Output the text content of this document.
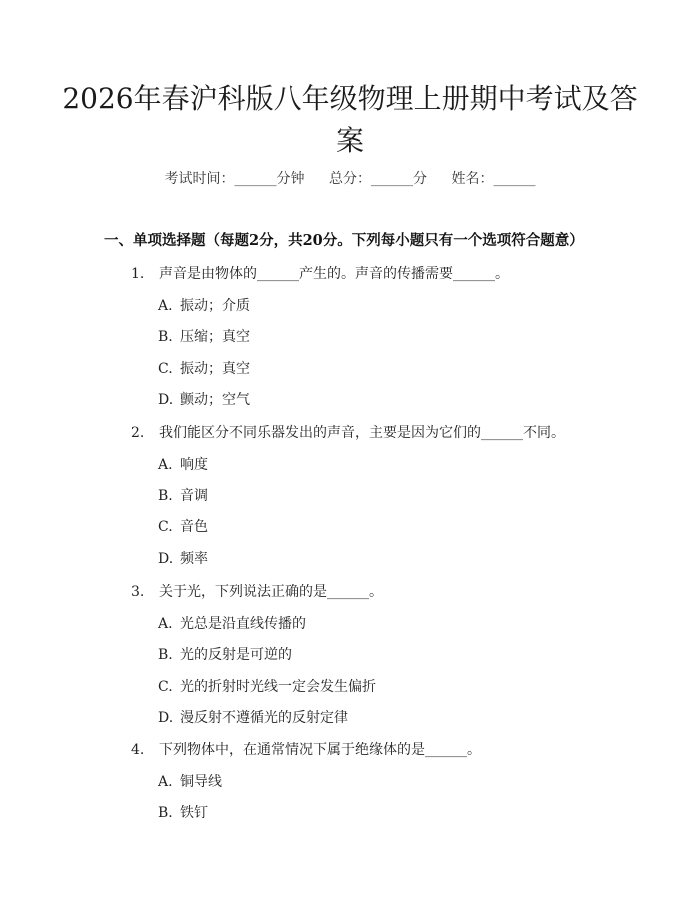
2026年春沪科版八年级物理上册期中考试及答案
考试时间：______分钟 总分：______分 姓名：______
一、单项选择题（每题2分，共20分。下列每小题只有一个选项符合题意）
1. 声音是由物体的______产生的。声音的传播需要______。
A. 振动；介质
B. 压缩；真空
C. 振动；真空
D. 颤动；空气
2. 我们能区分不同乐器发出的声音，主要是因为它们的______不同。
A. 响度
B. 音调
C. 音色
D. 频率
3. 关于光，下列说法正确的是______。
A. 光总是沿直线传播的
B. 光的反射是可逆的
C. 光的折射时光线一定会发生偏折
D. 漫反射不遵循光的反射定律
4. 下列物体中，在通常情况下属于绝缘体的是______。
A. 铜导线
B. 铁钉
